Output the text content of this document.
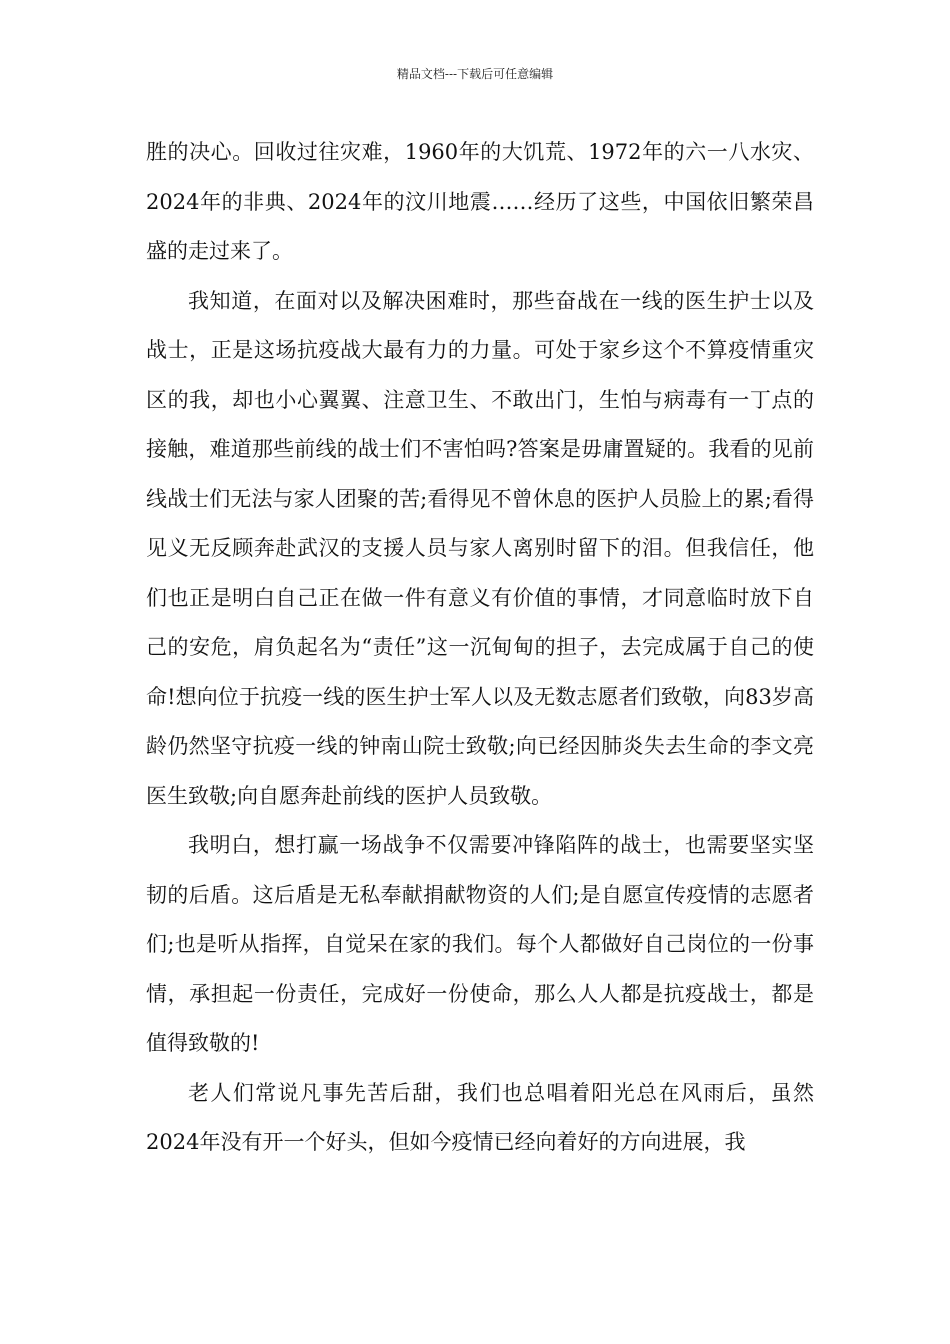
精品文档---下载后可任意编辑

胜的决心。回收过往灾难，1960年的大饥荒、1972年的六一八水灾、2024年的非典、2024年的汶川地震……经历了这些，中国依旧繁荣昌盛的走过来了。

我知道，在面对以及解决困难时，那些奋战在一线的医生护士以及战士，正是这场抗疫战大最有力的力量。可处于家乡这个不算疫情重灾区的我，却也小心翼翼、注意卫生、不敢出门，生怕与病毒有一丁点的接触，难道那些前线的战士们不害怕吗?答案是毋庸置疑的。我看的见前线战士们无法与家人团聚的苦;看得见不曾休息的医护人员脸上的累;看得见义无反顾奔赴武汉的支援人员与家人离别时留下的泪。但我信任，他们也正是明白自己正在做一件有意义有价值的事情，才同意临时放下自己的安危，肩负起名为“责任”这一沉甸甸的担子，去完成属于自己的使命!想向位于抗疫一线的医生护士军人以及无数志愿者们致敬，向83岁高龄仍然坚守抗疫一线的钟南山院士致敬;向已经因肺炎失去生命的李文亮医生致敬;向自愿奔赴前线的医护人员致敬。

我明白，想打赢一场战争不仅需要冲锋陷阵的战士，也需要坚实坚韧的后盾。这后盾是无私奉献捐献物资的人们;是自愿宣传疫情的志愿者们;也是听从指挥，自觉呆在家的我们。每个人都做好自己岗位的一份事情，承担起一份责任，完成好一份使命，那么人人都是抗疫战士，都是值得致敬的!

老人们常说凡事先苦后甜，我们也总唱着阳光总在风雨后，虽然2024年没有开一个好头，但如今疫情已经向着好的方向进展，我
